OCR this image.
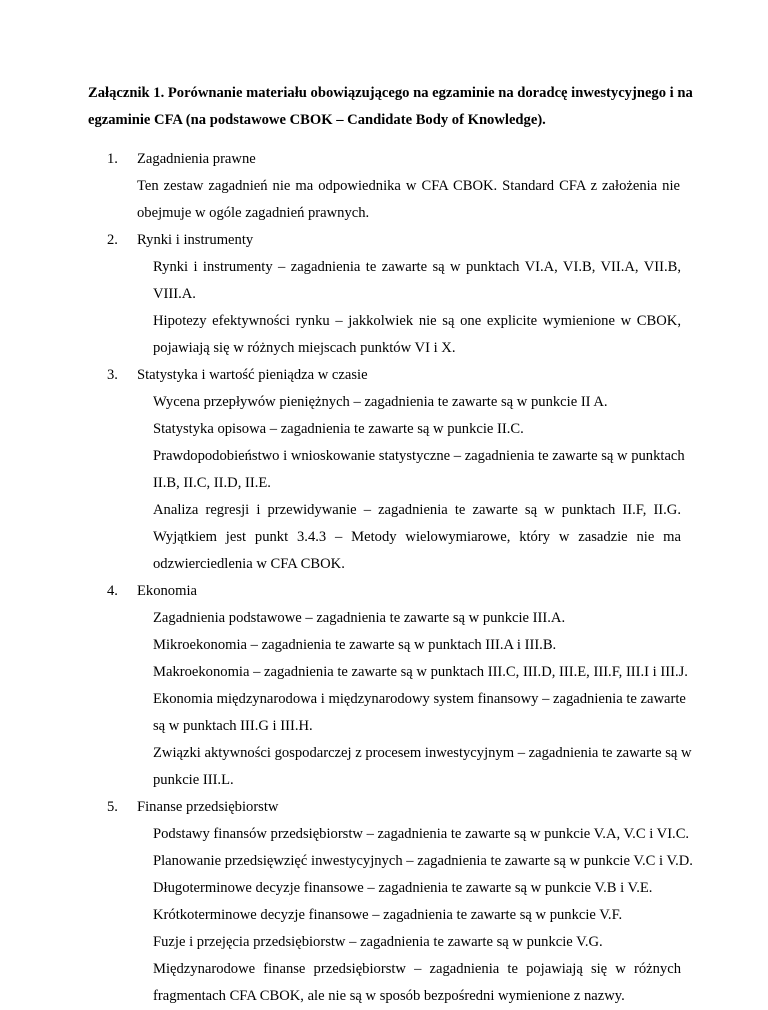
Załącznik 1. Porównanie materiału obowiązującego na egzaminie na doradcę inwestycyjnego i na
egzaminie CFA (na podstawowe CBOK – Candidate Body of Knowledge).
1. Zagadnienia prawne
Ten zestaw zagadnień nie ma odpowiednika w CFA CBOK. Standard CFA z założenia nie
obejmuje w ogóle zagadnień prawnych.
2. Rynki i instrumenty
Rynki i instrumenty – zagadnienia te zawarte są w punktach VI.A, VI.B, VII.A, VII.B,
VIII.A.
Hipotezy efektywności rynku – jakkolwiek nie są one explicite wymienione w CBOK,
pojawiają się w różnych miejscach punktów VI i X.
3. Statystyka i wartość pieniądza w czasie
Wycena przepływów pieniężnych – zagadnienia te zawarte są w punkcie II A.
Statystyka opisowa – zagadnienia te zawarte są w punkcie II.C.
Prawdopodobieństwo i wnioskowanie statystyczne – zagadnienia te zawarte są w punktach
II.B, II.C, II.D, II.E.
Analiza regresji i przewidywanie – zagadnienia te zawarte są w punktach II.F, II.G.
Wyjątkiem jest punkt 3.4.3 – Metody wielowymiarowe, który w zasadzie nie ma
odzwierciedlenia w CFA CBOK.
4. Ekonomia
Zagadnienia podstawowe – zagadnienia te zawarte są w punkcie III.A.
Mikroekonomia – zagadnienia te zawarte są w punktach III.A i III.B.
Makroekonomia – zagadnienia te zawarte są w punktach III.C, III.D, III.E, III.F, III.I i III.J.
Ekonomia międzynarodowa i międzynarodowy system finansowy – zagadnienia te zawarte
są w punktach III.G i III.H.
Związki aktywności gospodarczej z procesem inwestycyjnym – zagadnienia te zawarte są w
punkcie III.L.
5. Finanse przedsiębiorstw
Podstawy finansów przedsiębiorstw – zagadnienia te zawarte są w punkcie V.A, V.C i VI.C.
Planowanie przedsięwzięć inwestycyjnych – zagadnienia te zawarte są w punkcie V.C i V.D.
Długoterminowe decyzje finansowe – zagadnienia te zawarte są w punkcie V.B i V.E.
Krótkoterminowe decyzje finansowe – zagadnienia te zawarte są w punkcie V.F.
Fuzje i przejęcia przedsiębiorstw – zagadnienia te zawarte są w punkcie V.G.
Międzynarodowe finanse przedsiębiorstw – zagadnienia te pojawiają się w różnych
fragmentach CFA CBOK, ale nie są w sposób bezpośredni wymienione z nazwy.
